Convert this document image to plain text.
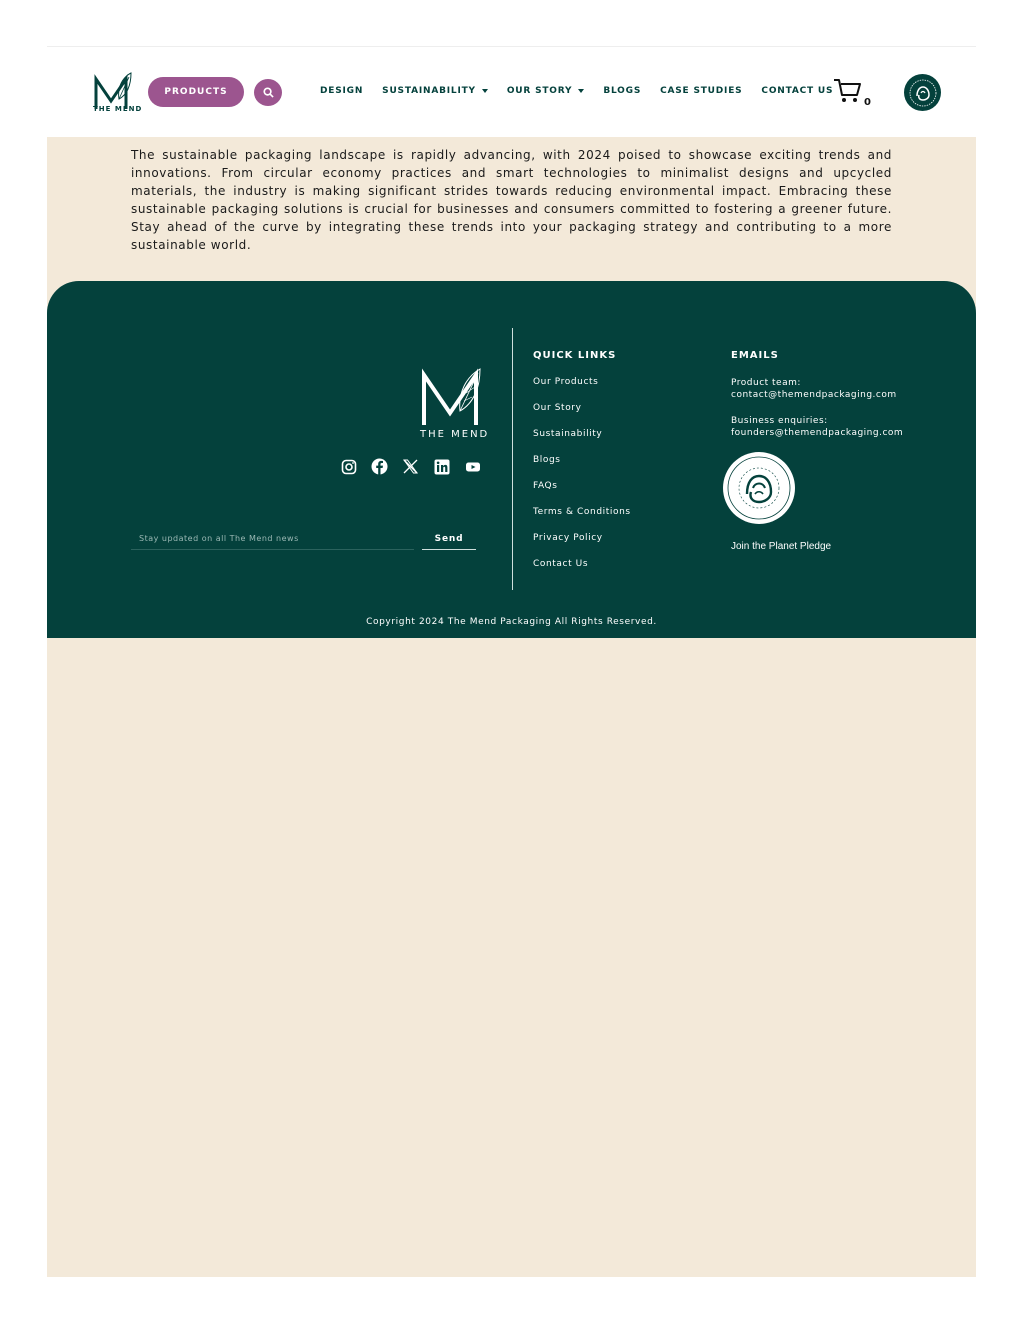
THE MEND
PRODUCTS	DESIGN SUSTAINABILITY	OUR STORY	BLOGS CASE STUDIES CONTACT US
0
The sustainable packaging landscape is rapidly advancing, with 2024 poised to showcase exciting trends and innovations. From circular economy practices and smart technologies to minimalist designs and upcycled materials, the industry is making significant strides towards reducing environmental impact. Embracing these sustainable packaging solutions is crucial for businesses and consumers committed to fostering a greener future. Stay ahead of the curve by integrating these trends into your packaging strategy and contributing to a more sustainable world.
THE MEND
Stay updated on all The Mend news
Send
QUICK LINKS
Our Products
Our Story
Sustainability
Blogs
FAQs
Terms & Conditions
Privacy Policy
Contact Us
EMAILS
Product team:
contact@themendpackaging.com
Business enquiries:
founders@themendpackaging.com
Join the Planet Pledge
Copyright 2024 The Mend Packaging All Rights Reserved.
